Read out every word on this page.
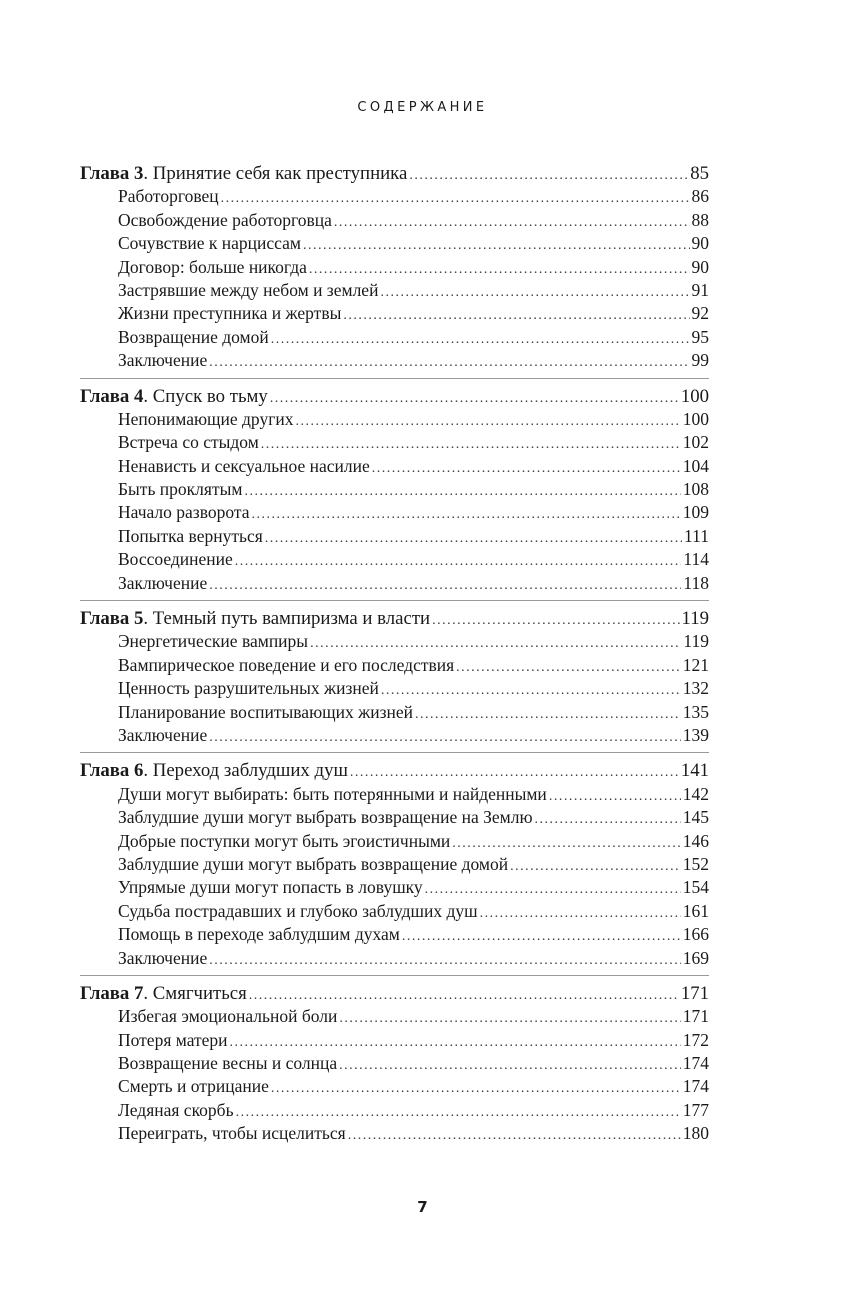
СОДЕРЖАНИЕ
Глава 3 . Принятие себя как преступника .....	85
Работорговец .....	86
Освобождение работорговца .....	88
Сочувствие к нарциссам .....	90
Договор: больше никогда .....	90
Застрявшие между небом и землей .....	91
Жизни преступника и жертвы .....	92
Возвращение домой .....	95
Заключение .....	99
Глава 4 . Спуск во тьму .....	100
Непонимающие других .....	100
Встреча со стыдом .....	102
Ненависть и сексуальное насилие .....	104
Быть проклятым .....	108
Начало разворота .....	109
Попытка вернуться .....	111
Воссоединение .....	114
Заключение .....	118
Глава 5 . Темный путь вампиризма и власти .....	119
Энергетические вампиры .....	119
Вампирическое поведение и его последствия .....	121
Ценность разрушительных жизней .....	132
Планирование воспитывающих жизней .....	135
Заключение .....	139
Глава 6 . Переход заблудших душ .....	141
Души могут выбирать: быть потерянными и найденными .....	142
Заблудшие души могут выбрать возвращение на Землю .....	145
Добрые поступки могут быть эгоистичными .....	146
Заблудшие души могут выбрать возвращение домой .....	152
Упрямые души могут попасть в ловушку .....	154
Судьба пострадавших и глубоко заблудших душ .....	161
Помощь в переходе заблудшим духам .....	166
Заключение .....	169
Глава 7 . Смягчиться .....	171
Избегая эмоциональной боли .....	171
Потеря матери .....	172
Возвращение весны и солнца .....	174
Смерть и отрицание .....	174
Ледяная скорбь .....	177
Переиграть, чтобы исцелиться .....	180
7
